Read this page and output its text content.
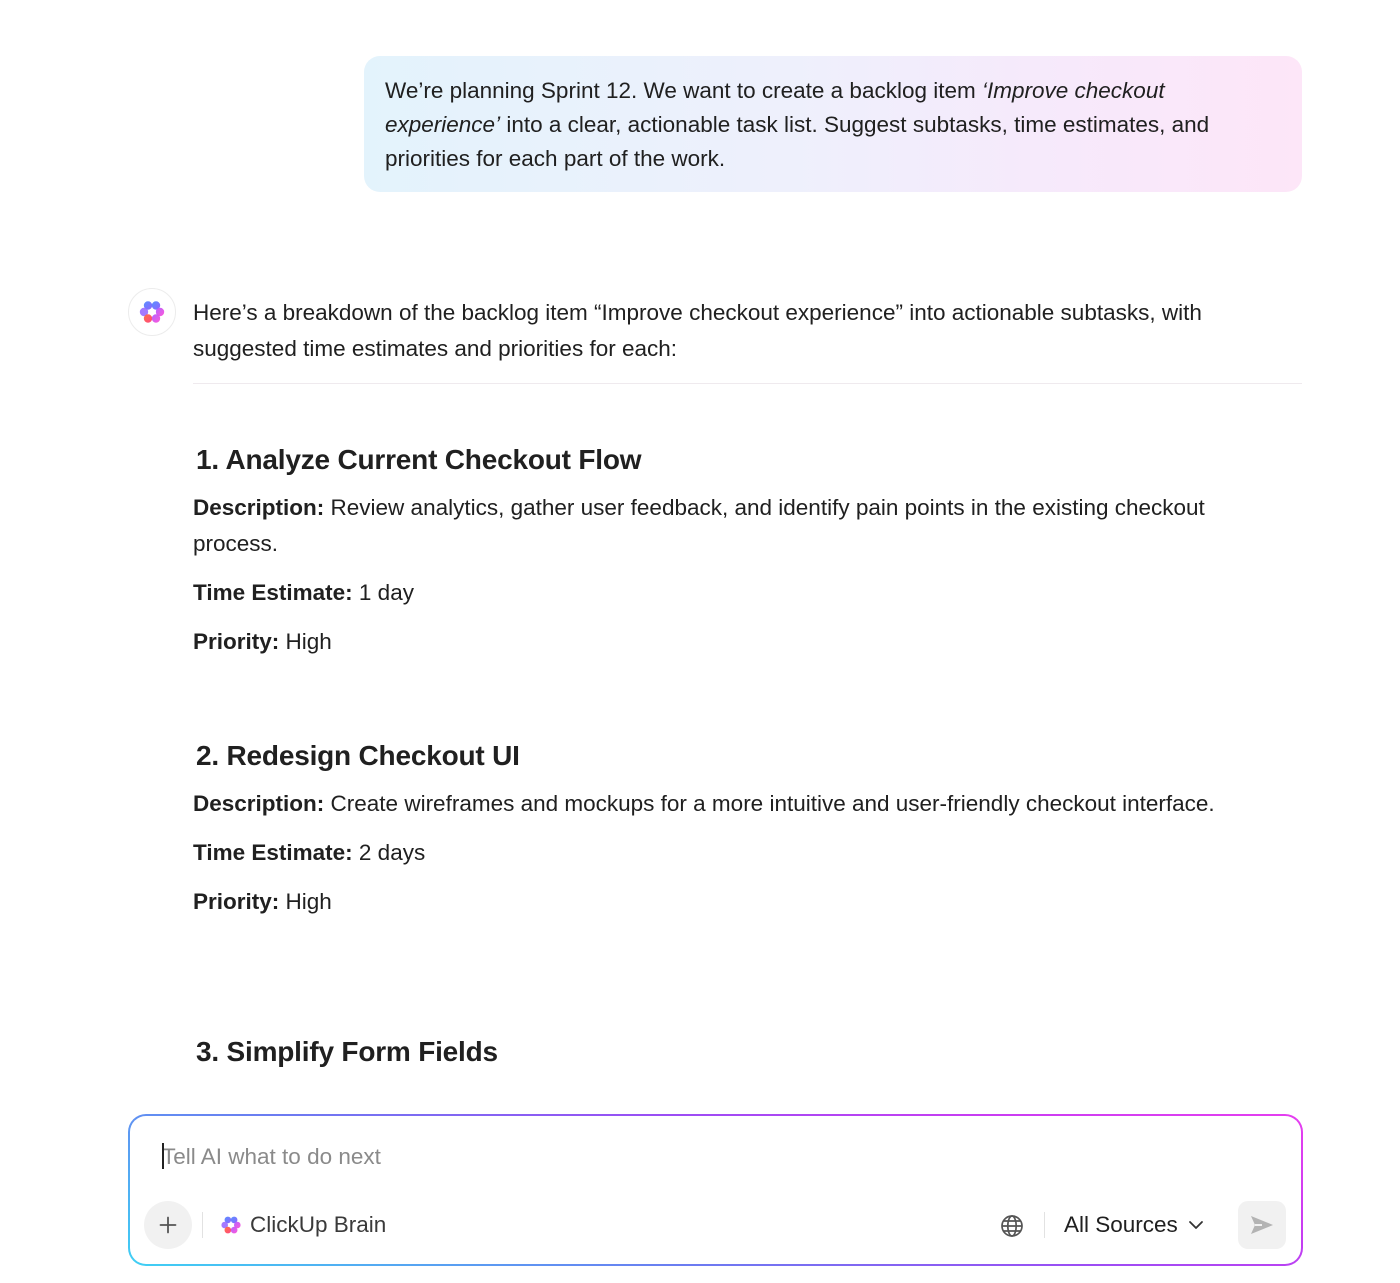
We’re planning Sprint 12. We want to create a backlog item ‘Improve checkout experience’ into a clear, actionable task list. Suggest subtasks, time estimates, and priorities for each part of the work.
Here’s a breakdown of the backlog item “Improve checkout experience” into actionable subtasks, with suggested time estimates and priorities for each:
1. Analyze Current Checkout Flow
Description: Review analytics, gather user feedback, and identify pain points in the existing checkout process.
Time Estimate: 1 day
Priority: High
2. Redesign Checkout UI
Description: Create wireframes and mockups for a more intuitive and user-friendly checkout interface.
Time Estimate: 2 days
Priority: High
3. Simplify Form Fields
Tell AI what to do next
ClickUp Brain	All Sources
